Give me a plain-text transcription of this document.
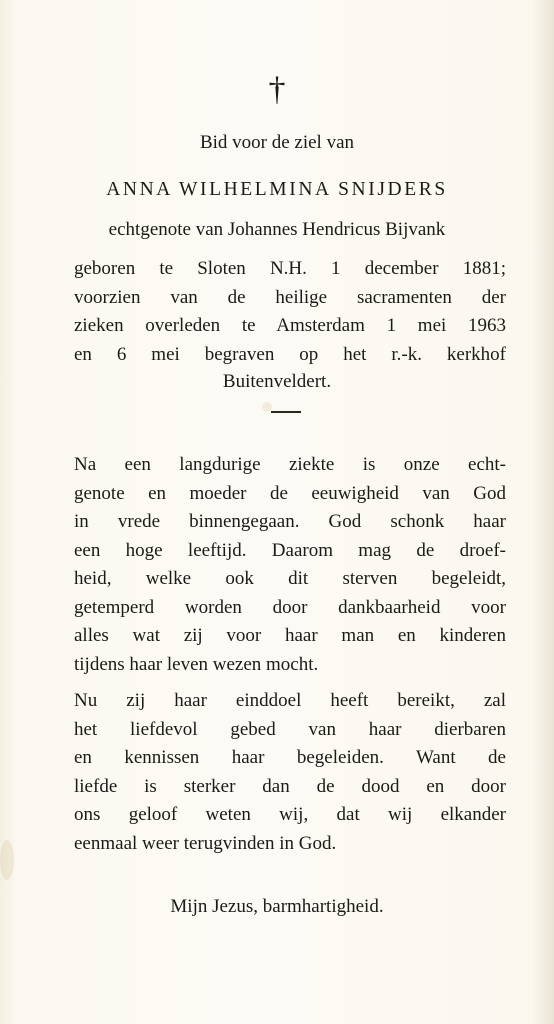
†
Bid voor de ziel van
ANNA WILHELMINA SNIJDERS
echtgenote van Johannes Hendricus Bijvank
geboren te Sloten N.H. 1 december 1881;
voorzien van de heilige sacramenten der
zieken overleden te Amsterdam 1 mei 1963
en 6 mei begraven op het r.-k. kerkhof
Buitenveldert.
Na een langdurige ziekte is onze echt-
genote en moeder de eeuwigheid van God
in vrede binnengegaan. God schonk haar
een hoge leeftijd. Daarom mag de droef-
heid, welke ook dit sterven begeleidt,
getemperd worden door dankbaarheid voor
alles wat zij voor haar man en kinderen
tijdens haar leven wezen mocht.
Nu zij haar einddoel heeft bereikt, zal
het liefdevol gebed van haar dierbaren
en kennissen haar begeleiden. Want de
liefde is sterker dan de dood en door
ons geloof weten wij, dat wij elkander
eenmaal weer terugvinden in God.
Mijn Jezus, barmhartigheid.
